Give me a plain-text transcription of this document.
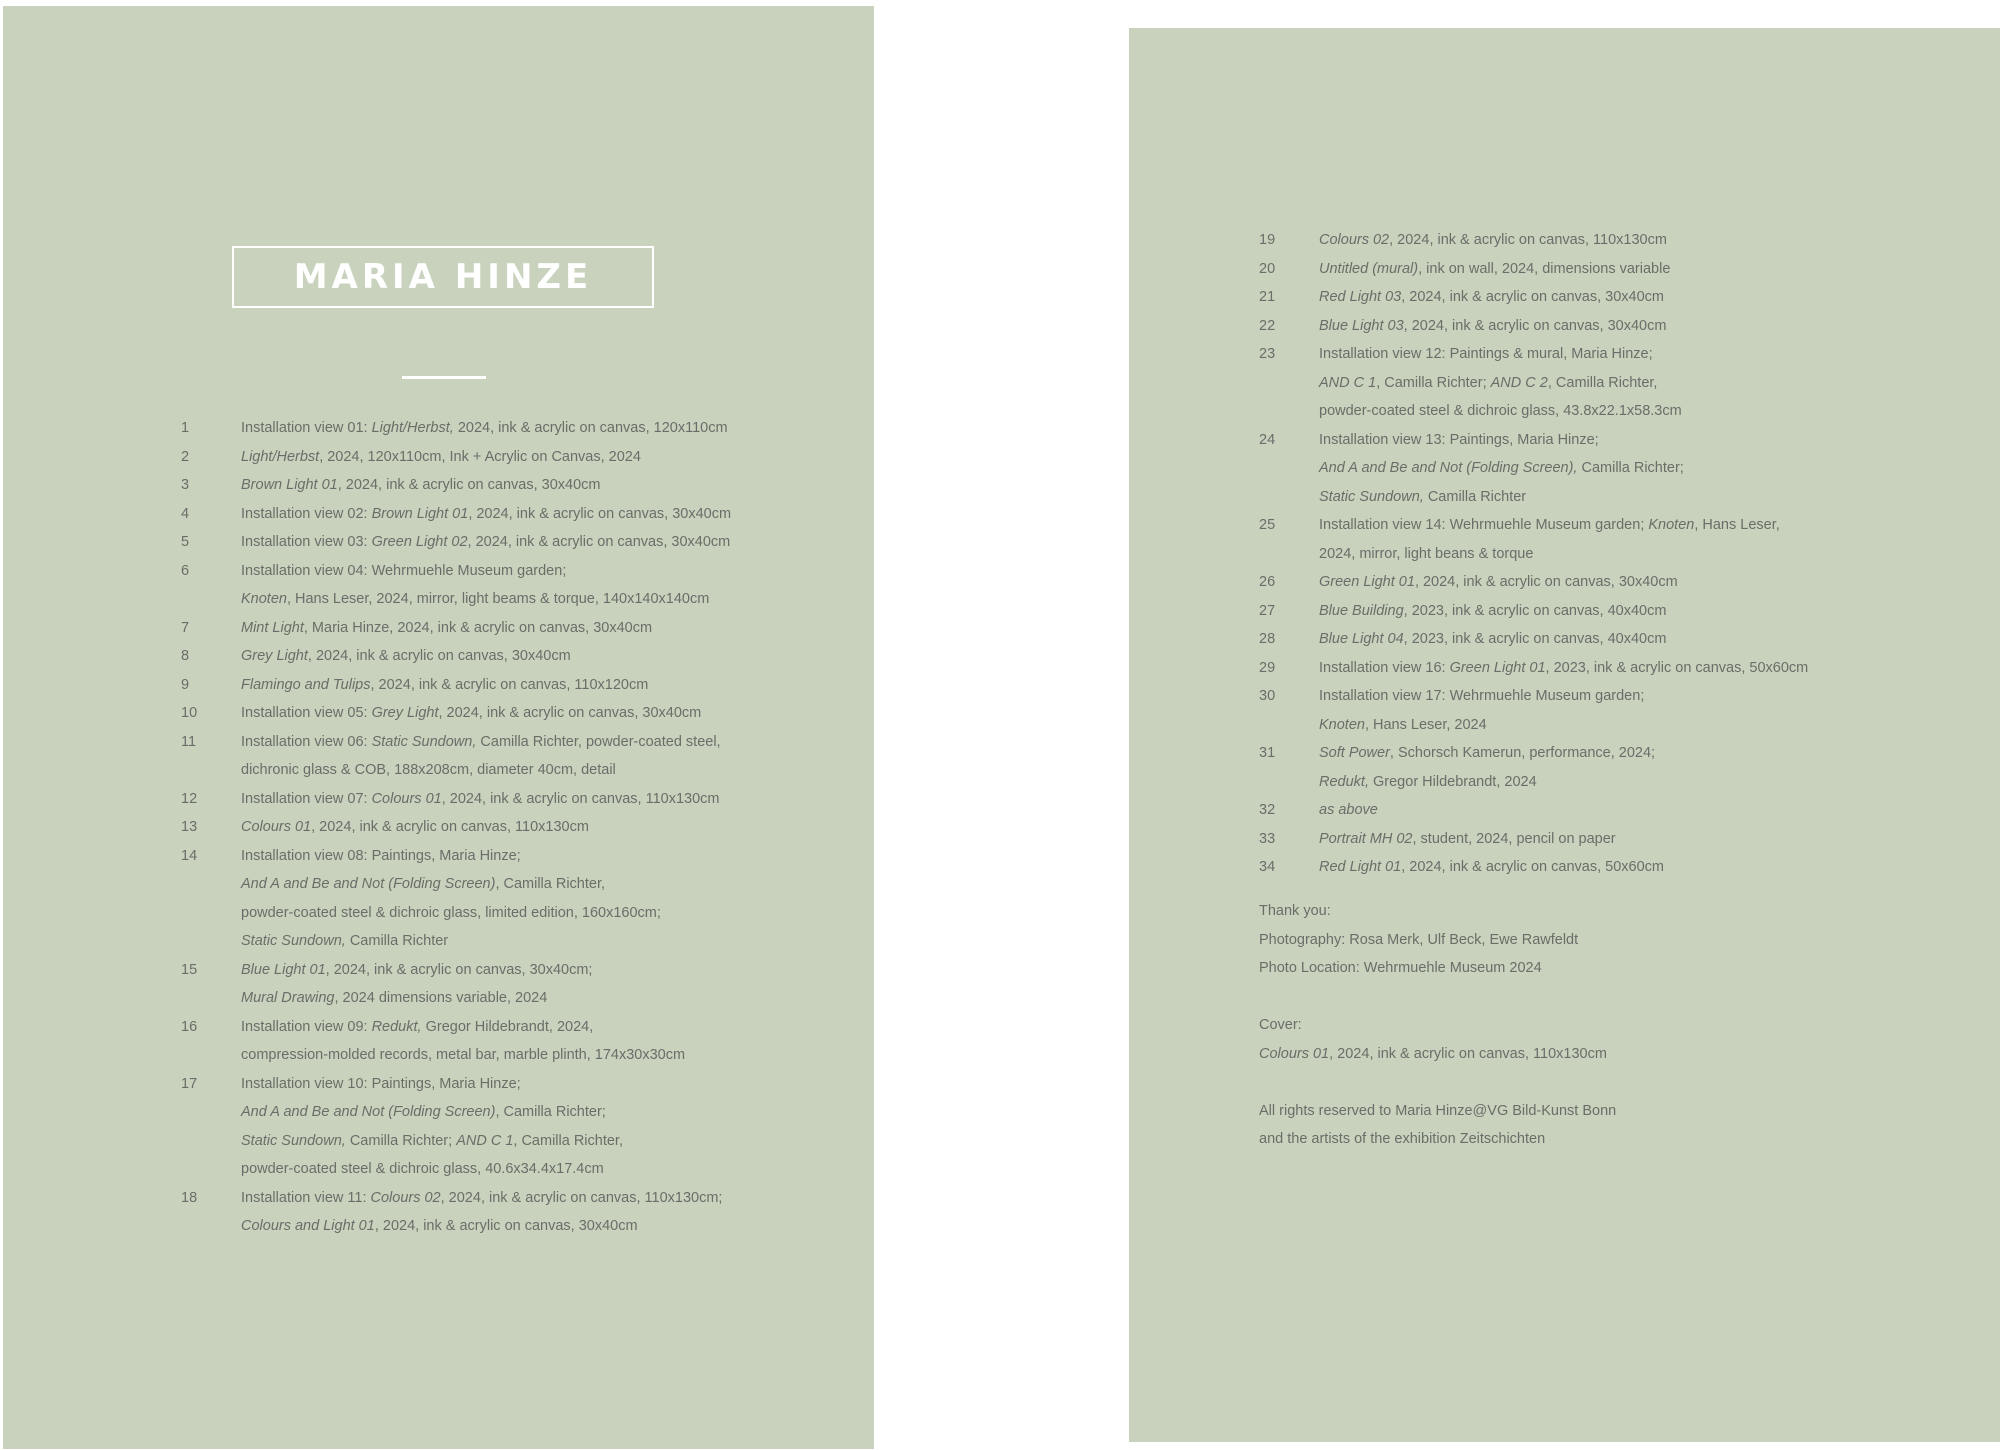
MARIA HINZE
1	Installation view 01: Light/Herbst, 2024, ink & acrylic on canvas, 120x110cm
2	Light/Herbst, 2024, 120x110cm, Ink + Acrylic on Canvas, 2024
3	Brown Light 01, 2024, ink & acrylic on canvas, 30x40cm
4	Installation view 02: Brown Light 01, 2024, ink & acrylic on canvas, 30x40cm
5	Installation view 03: Green Light 02, 2024, ink & acrylic on canvas, 30x40cm
6	Installation view 04: Wehrmuehle Museum garden;
Knoten, Hans Leser, 2024, mirror, light beams & torque, 140x140x140cm
7	Mint Light, Maria Hinze, 2024, ink & acrylic on canvas, 30x40cm
8	Grey Light, 2024, ink & acrylic on canvas, 30x40cm
9	Flamingo and Tulips, 2024, ink & acrylic on canvas, 110x120cm
10	Installation view 05: Grey Light, 2024, ink & acrylic on canvas, 30x40cm
11	Installation view 06: Static Sundown, Camilla Richter, powder-coated steel,
dichronic glass & COB, 188x208cm, diameter 40cm, detail
12	Installation view 07: Colours 01, 2024, ink & acrylic on canvas, 110x130cm
13	Colours 01, 2024, ink & acrylic on canvas, 110x130cm
14	Installation view 08: Paintings, Maria Hinze;
And A and Be and Not (Folding Screen), Camilla Richter,
powder-coated steel & dichroic glass, limited edition, 160x160cm;
Static Sundown, Camilla Richter
15	Blue Light 01, 2024, ink & acrylic on canvas, 30x40cm;
Mural Drawing, 2024 dimensions variable, 2024
16	Installation view 09: Redukt, Gregor Hildebrandt, 2024,
compression-molded records, metal bar, marble plinth, 174x30x30cm
17	Installation view 10: Paintings, Maria Hinze;
And A and Be and Not (Folding Screen), Camilla Richter;
Static Sundown, Camilla Richter; AND C 1, Camilla Richter,
powder-coated steel & dichroic glass, 40.6x34.4x17.4cm
18	Installation view 11: Colours 02, 2024, ink & acrylic on canvas, 110x130cm;
Colours and Light 01, 2024, ink & acrylic on canvas, 30x40cm
19	Colours 02, 2024, ink & acrylic on canvas, 110x130cm
20	Untitled (mural), ink on wall, 2024, dimensions variable
21	Red Light 03, 2024, ink & acrylic on canvas, 30x40cm
22	Blue Light 03, 2024, ink & acrylic on canvas, 30x40cm
23	Installation view 12: Paintings & mural, Maria Hinze;
AND C 1, Camilla Richter; AND C 2, Camilla Richter,
powder-coated steel & dichroic glass, 43.8x22.1x58.3cm
24	Installation view 13: Paintings, Maria Hinze;
And A and Be and Not (Folding Screen), Camilla Richter;
Static Sundown, Camilla Richter
25	Installation view 14: Wehrmuehle Museum garden; Knoten, Hans Leser,
2024, mirror, light beans & torque
26	Green Light 01, 2024, ink & acrylic on canvas, 30x40cm
27	Blue Building, 2023, ink & acrylic on canvas, 40x40cm
28	Blue Light 04, 2023, ink & acrylic on canvas, 40x40cm
29	Installation view 16: Green Light 01, 2023, ink & acrylic on canvas, 50x60cm
30	Installation view 17: Wehrmuehle Museum garden;
Knoten, Hans Leser, 2024
31	Soft Power, Schorsch Kamerun, performance, 2024;
Redukt, Gregor Hildebrandt, 2024
32	as above
33	Portrait MH 02, student, 2024, pencil on paper
34	Red Light 01, 2024, ink & acrylic on canvas, 50x60cm
Thank you:
Photography: Rosa Merk, Ulf Beck, Ewe Rawfeldt
Photo Location: Wehrmuehle Museum 2024
Cover:
Colours 01, 2024, ink & acrylic on canvas, 110x130cm
All rights reserved to Maria Hinze@VG Bild-Kunst Bonn
and the artists of the exhibition Zeitschichten
